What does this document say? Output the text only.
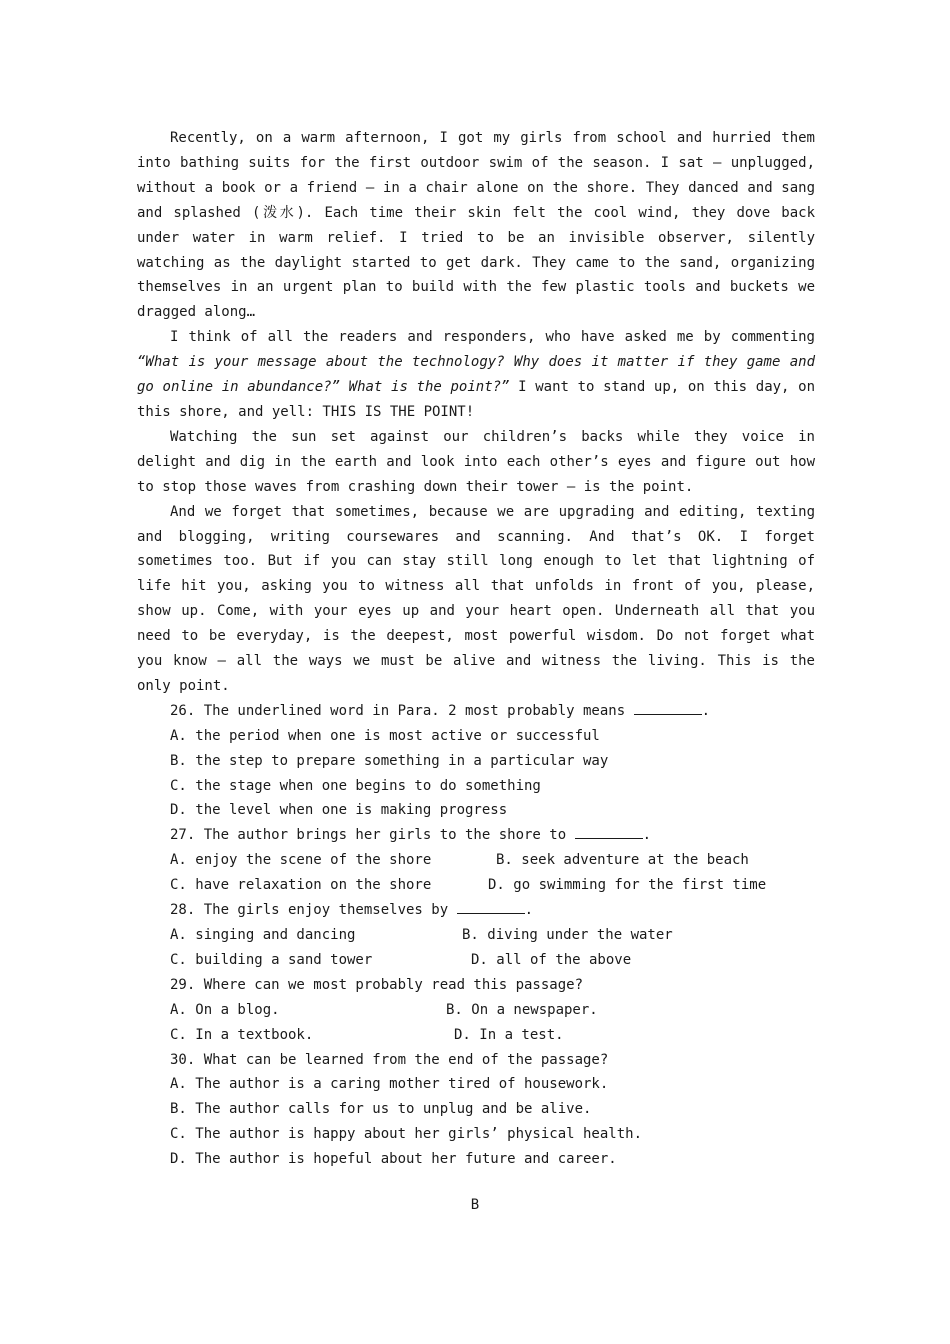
Recently, on a warm afternoon, I got my girls from school and hurried them into bathing suits for the first outdoor swim of the season. I sat — unplugged, without a book or a friend — in a chair alone on the shore. They danced and sang and splashed (泼水). Each time their skin felt the cool wind, they dove back under water in warm relief. I tried to be an invisible observer, silently watching as the daylight started to get dark. They came to the sand, organizing themselves in an urgent plan to build with the few plastic tools and buckets we dragged along…

I think of all the readers and responders, who have asked me by commenting “What is your message about the technology? Why does it matter if they game and go online in abundance?” What is the point?” I want to stand up, on this day, on this shore, and yell: THIS IS THE POINT!

Watching the sun set against our children’s backs while they voice in delight and dig in the earth and look into each other’s eyes and figure out how to stop those waves from crashing down their tower — is the point.

And we forget that sometimes, because we are upgrading and editing, texting and blogging, writing coursewares and scanning. And that’s OK. I forget sometimes too. But if you can stay still long enough to let that lightning of life hit you, asking you to witness all that unfolds in front of you, please, show up. Come, with your eyes up and your heart open. Underneath all that you need to be everyday, is the deepest, most powerful wisdom. Do not forget what you know — all the ways we must be alive and witness the living. This is the only point.

26. The underlined word in Para. 2 most probably means	.

A. the period when one is most active or successful

B. the step to prepare something in a particular way

C. the stage when one begins to do something

D. the level when one is making progress

27. The author brings her girls to the shore to	.

A. enjoy the scene of the shore	B. seek adventure at the beach
C. have relaxation on the shore	D. go swimming for the first time

28. The girls enjoy themselves by	.

A. singing and dancing	B. diving under the water
C. building a sand tower	D. all of the above

29. Where can we most probably read this passage?

A. On a blog.	B. On a newspaper.
C. In a textbook.	D. In a test.

30. What can be learned from the end of the passage?

A. The author is a caring mother tired of housework.

B. The author calls for us to unplug and be alive.

C. The author is happy about her girls’ physical health.

D. The author is hopeful about her future and career.

B
